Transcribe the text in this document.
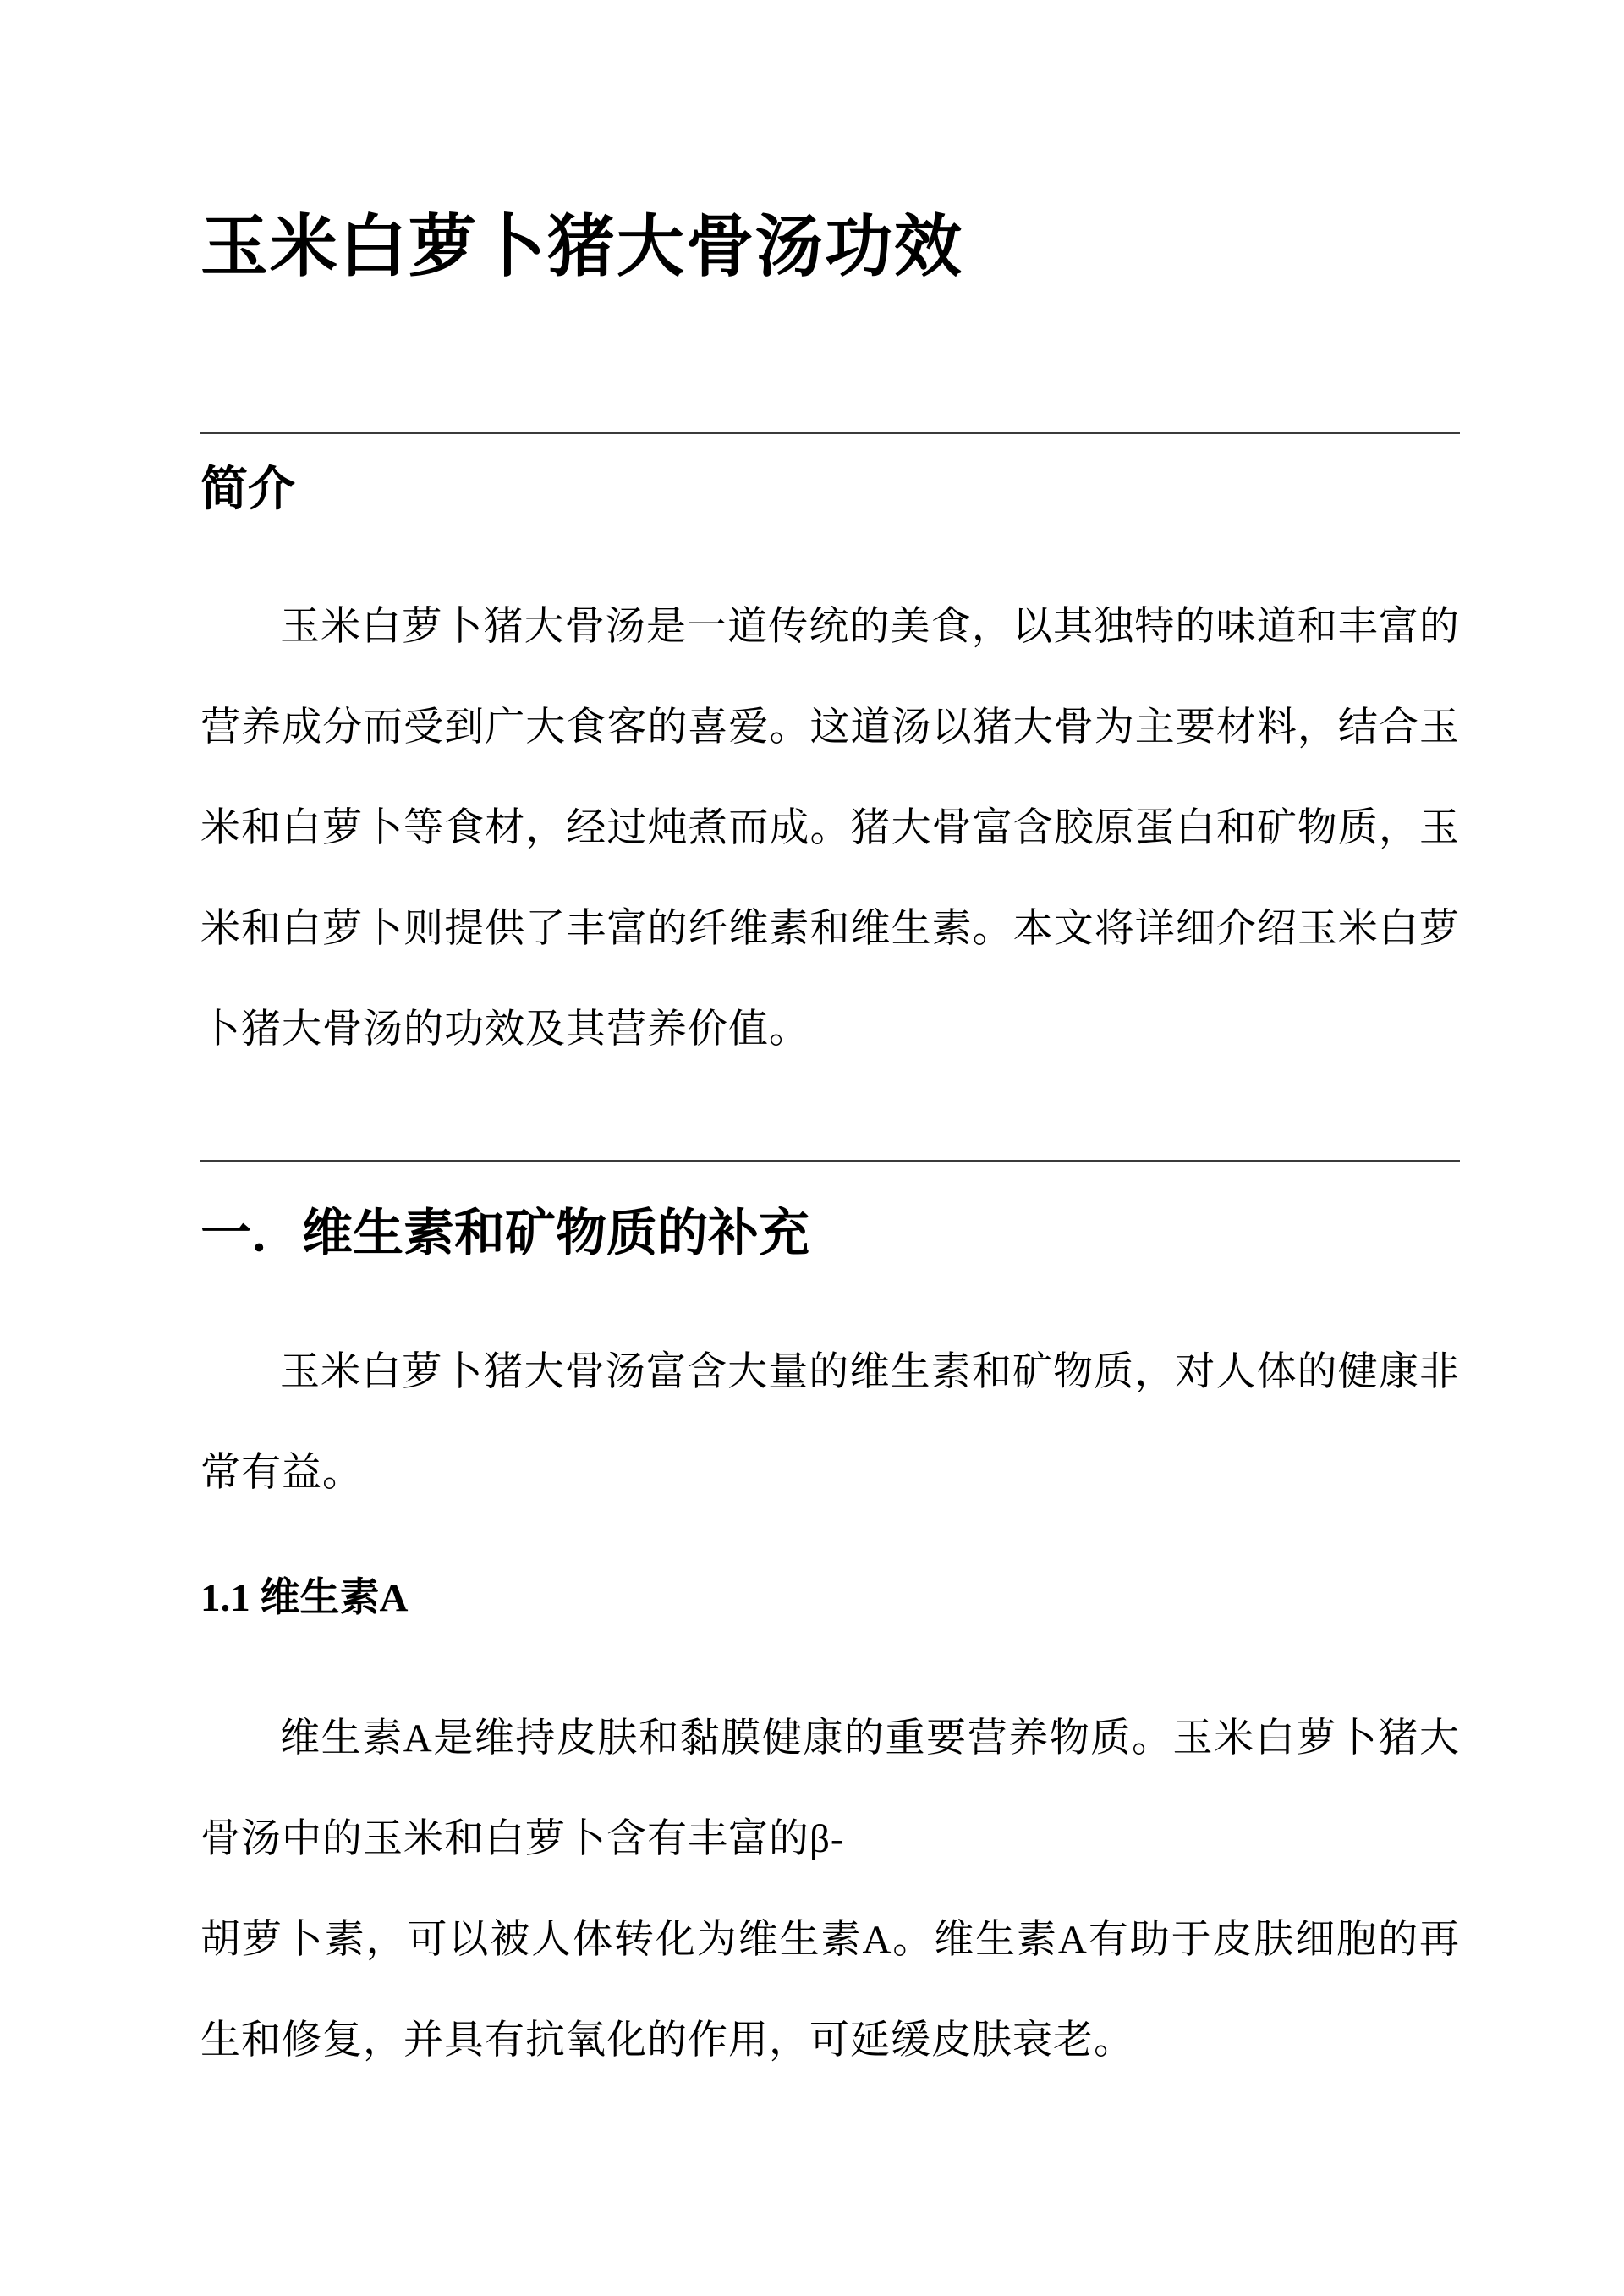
玉米白萝卜猪大骨汤功效
简介

玉米白萝卜猪大骨汤是一道传统的美食，以其独特的味道和丰富的营养成分而受到广大食客的喜爱。这道汤以猪大骨为主要材料，结合玉米和白萝卜等食材，经过炖煮而成。猪大骨富含胶原蛋白和矿物质，玉米和白萝卜则提供了丰富的纤维素和维生素。本文将详细介绍玉米白萝卜猪大骨汤的功效及其营养价值。

一．维生素和矿物质的补充

玉米白萝卜猪大骨汤富含大量的维生素和矿物质，对人体的健康非常有益。

1.1 维生素A

维生素A是维持皮肤和黏膜健康的重要营养物质。玉米白萝卜猪大骨汤中的玉米和白萝卜含有丰富的β-
胡萝卜素，可以被人体转化为维生素A。维生素A有助于皮肤细胞的再生和修复，并具有抗氧化的作用，可延缓皮肤衰老。
